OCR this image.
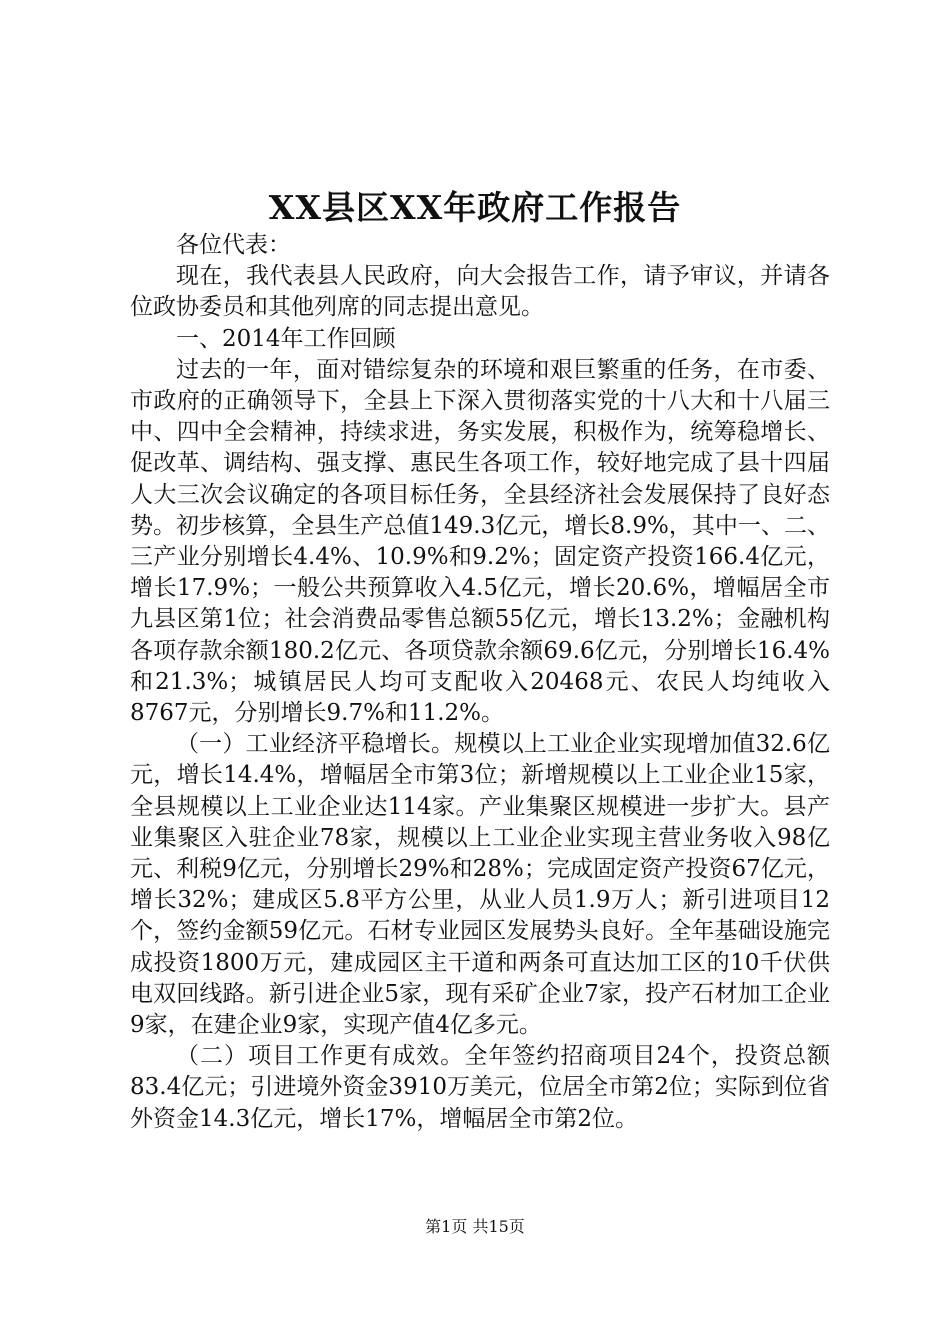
XX县区XX年政府工作报告

各位代表：

现在，我代表县人民政府，向大会报告工作，请予审议，并请各位政协委员和其他列席的同志提出意见。

一、2014年工作回顾

过去的一年，面对错综复杂的环境和艰巨繁重的任务，在市委、市政府的正确领导下，全县上下深入贯彻落实党的十八大和十八届三中、四中全会精神，持续求进，务实发展，积极作为，统筹稳增长、促改革、调结构、强支撑、惠民生各项工作，较好地完成了县十四届人大三次会议确定的各项目标任务，全县经济社会发展保持了良好态势。初步核算，全县生产总值149.3亿元，增长8.9%，其中一、二、三产业分别增长4.4%、10.9%和9.2%；固定资产投资166.4亿元，增长17.9%；一般公共预算收入4.5亿元，增长20.6%，增幅居全市九县区第1位；社会消费品零售总额55亿元，增长13.2%；金融机构各项存款余额180.2亿元、各项贷款余额69.6亿元，分别增长16.4%和21.3%；城镇居民人均可支配收入20468元、农民人均纯收入8767元，分别增长9.7%和11.2%。

（一）工业经济平稳增长。规模以上工业企业实现增加值32.6亿元，增长14.4%，增幅居全市第3位；新增规模以上工业企业15家，全县规模以上工业企业达114家。产业集聚区规模进一步扩大。县产业集聚区入驻企业78家，规模以上工业企业实现主营业务收入98亿元、利税9亿元，分别增长29%和28%；完成固定资产投资67亿元，增长32%；建成区5.8平方公里，从业人员1.9万人；新引进项目12个，签约金额59亿元。石材专业园区发展势头良好。全年基础设施完成投资1800万元，建成园区主干道和两条可直达加工区的10千伏供电双回线路。新引进企业5家，现有采矿企业7家，投产石材加工企业9家，在建企业9家，实现产值4亿多元。

（二）项目工作更有成效。全年签约招商项目24个，投资总额83.4亿元；引进境外资金3910万美元，位居全市第2位；实际到位省外资金14.3亿元，增长17%，增幅居全市第2位。

第1页 共15页
